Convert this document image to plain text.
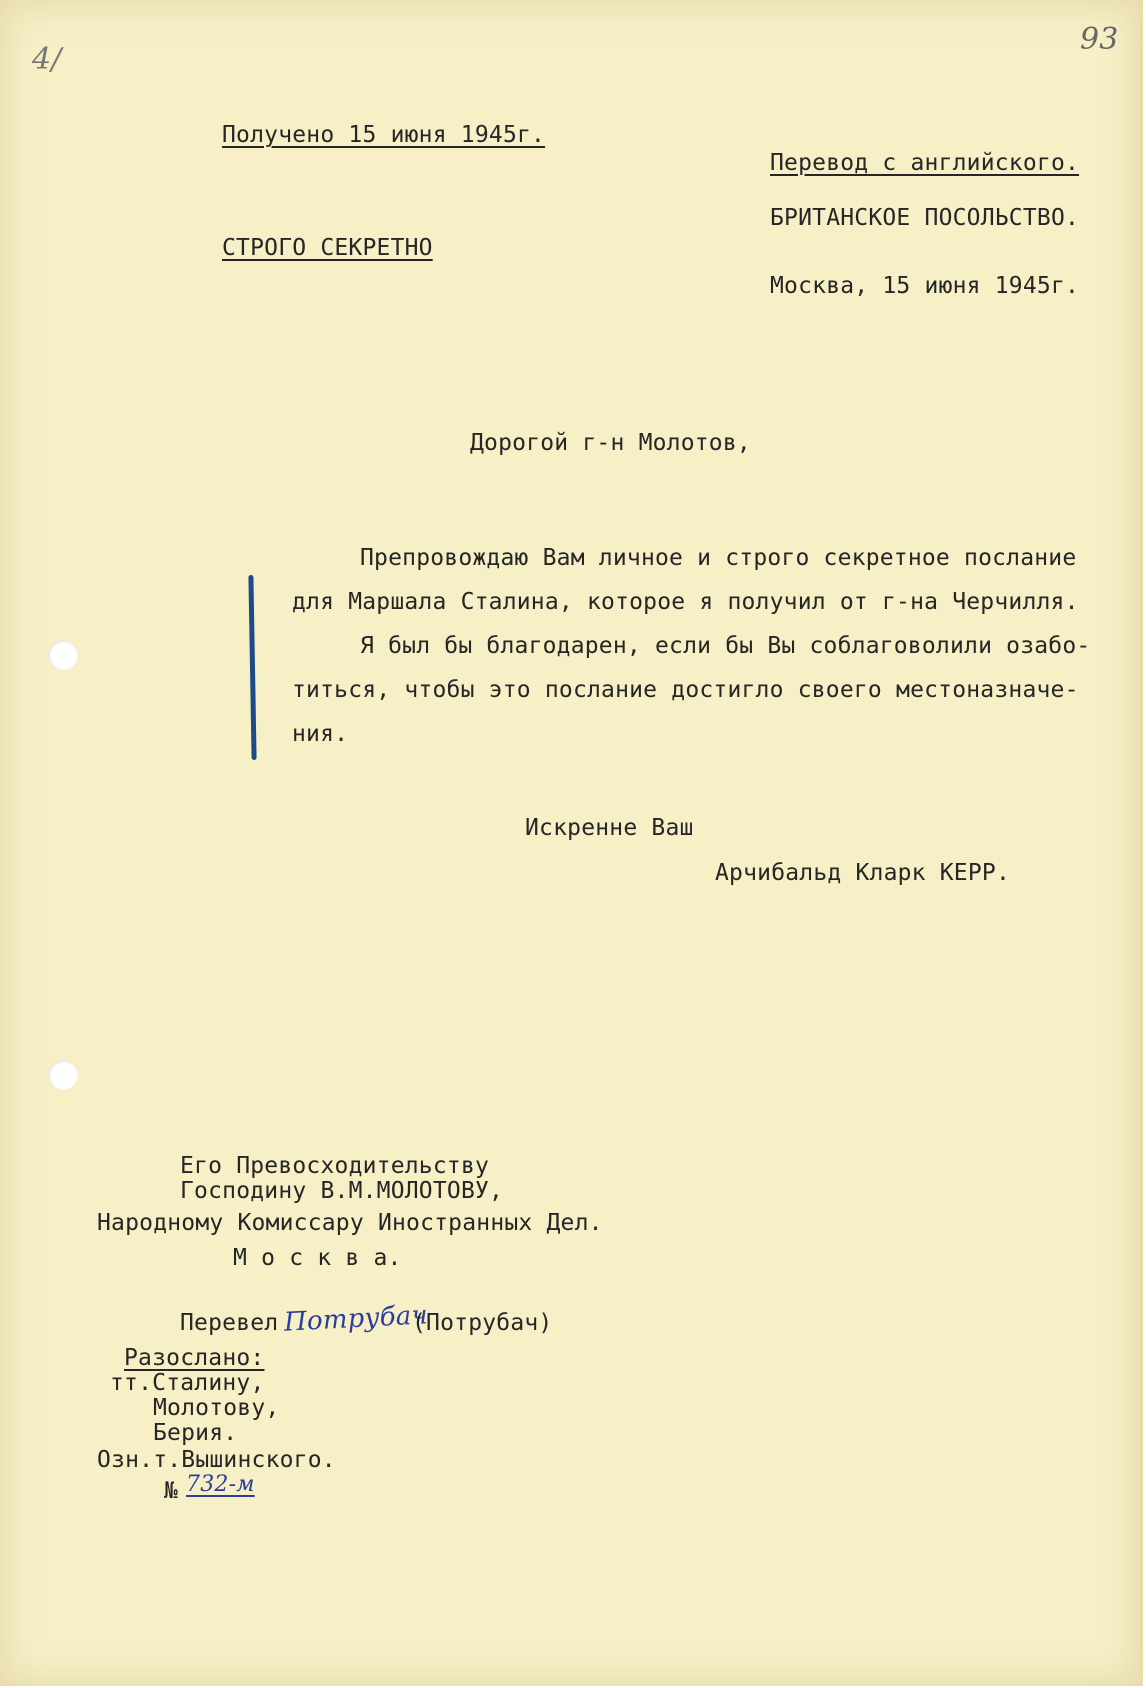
93
4/
Получено 15 июня 1945г.
Перевод с английского.
БРИТАНСКОЕ ПОСОЛЬСТВО.
СТРОГО СЕКРЕТНО
Москва, 15 июня 1945г.
Дорогой г-н Молотов,
Препровождаю Вам личное и строго секретное послание
для Маршала Сталина, которое я получил от г-на Черчилля.
Я был бы благодарен, если бы Вы соблаговолили озабо-
титься, чтобы это послание достигло своего местоназначе-
ния.
Искренне Ваш
Арчибальд Кларк КЕРР.
Его Превосходительству
Господину В.М.МОЛОТОВУ,
Народному Комиссару Иностранных Дел.
М о с к в а.
Перевел Потрубач
(Потрубач)
Разослано:
тт.Сталину,
Молотову,
Берия.
Озн.т.Вышинского.
№ 732-м
